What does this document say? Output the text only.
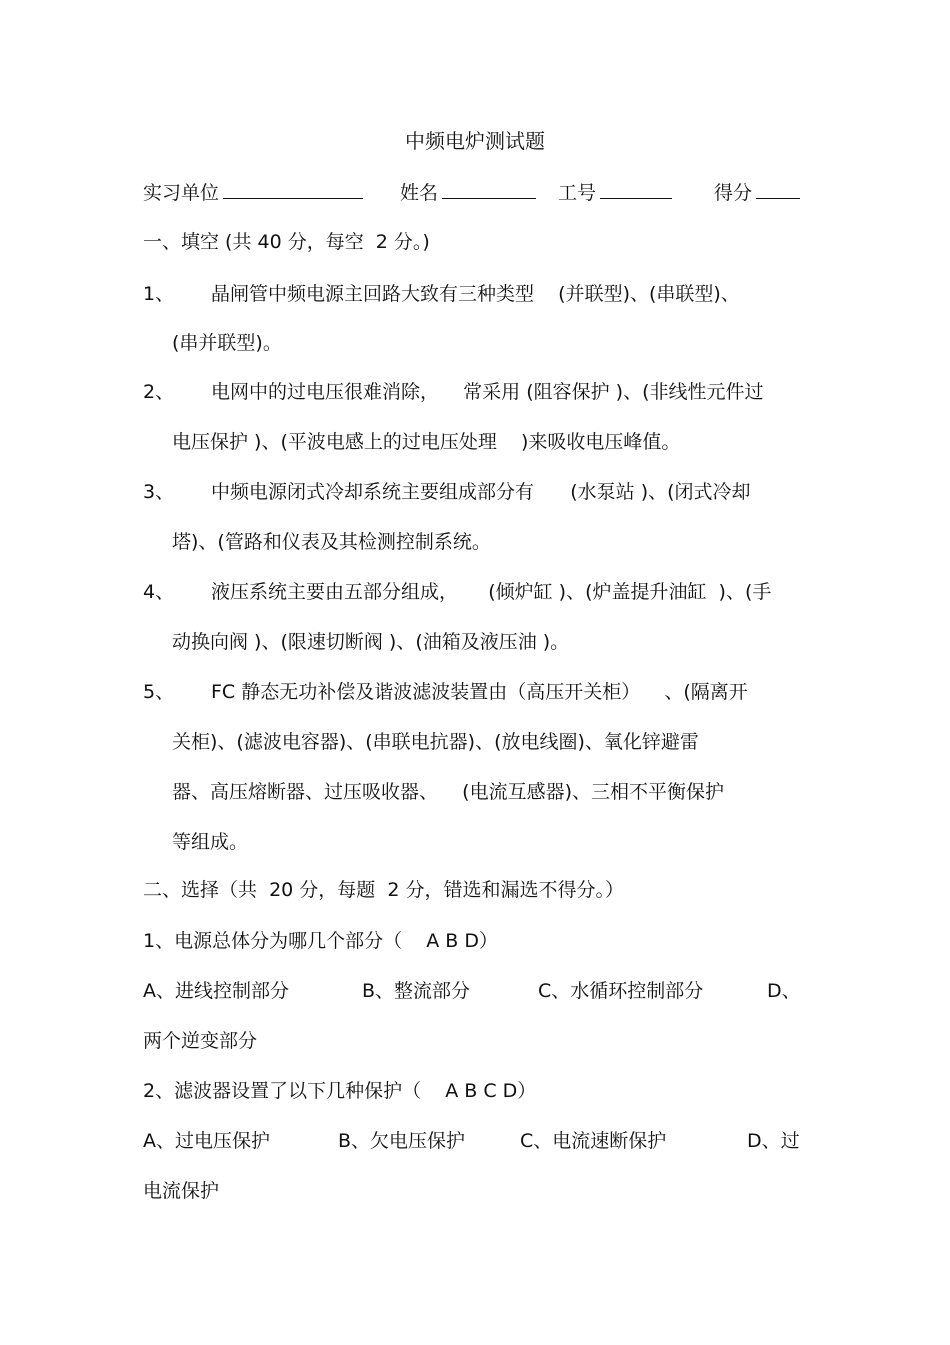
中频电炉测试题
实习单位	姓名	工号	得分
一、填空 (共 40 分，每空  2 分。)
1、 晶闸管中频电源主回路大致有三种类型    (并联型)、(串联型)、
(串并联型)。
2、 电网中的过电压很难消除，    常采用 (阻容保护 )、(非线性元件过
电压保护 )、(平波电感上的过电压处理    )来吸收电压峰值。
3、 中频电源闭式冷却系统主要组成部分有      (水泵站 )、(闭式冷却
塔)、(管路和仪表及其检测控制系统。
4、 液压系统主要由五部分组成，     (倾炉缸 )、(炉盖提升油缸  )、(手
动换向阀 )、(限速切断阀 )、(油箱及液压油 )。
5、 FC 静态无功补偿及谐波滤波装置由（高压开关柜）    、(隔离开
关柜)、(滤波电容器)、(串联电抗器)、(放电线圈)、氧化锌避雷
器、高压熔断器、过压吸收器、    (电流互感器)、三相不平衡保护
等组成。
二、选择（共  20 分，每题  2 分，错选和漏选不得分。）
1、电源总体分为哪几个部分（    A B D）
A、进线控制部分	B、整流部分	C、水循环控制部分	D、
两个逆变部分
2、滤波器设置了以下几种保护（    A B C D）
A、过电压保护	B、欠电压保护	C、电流速断保护	D、过
电流保护
